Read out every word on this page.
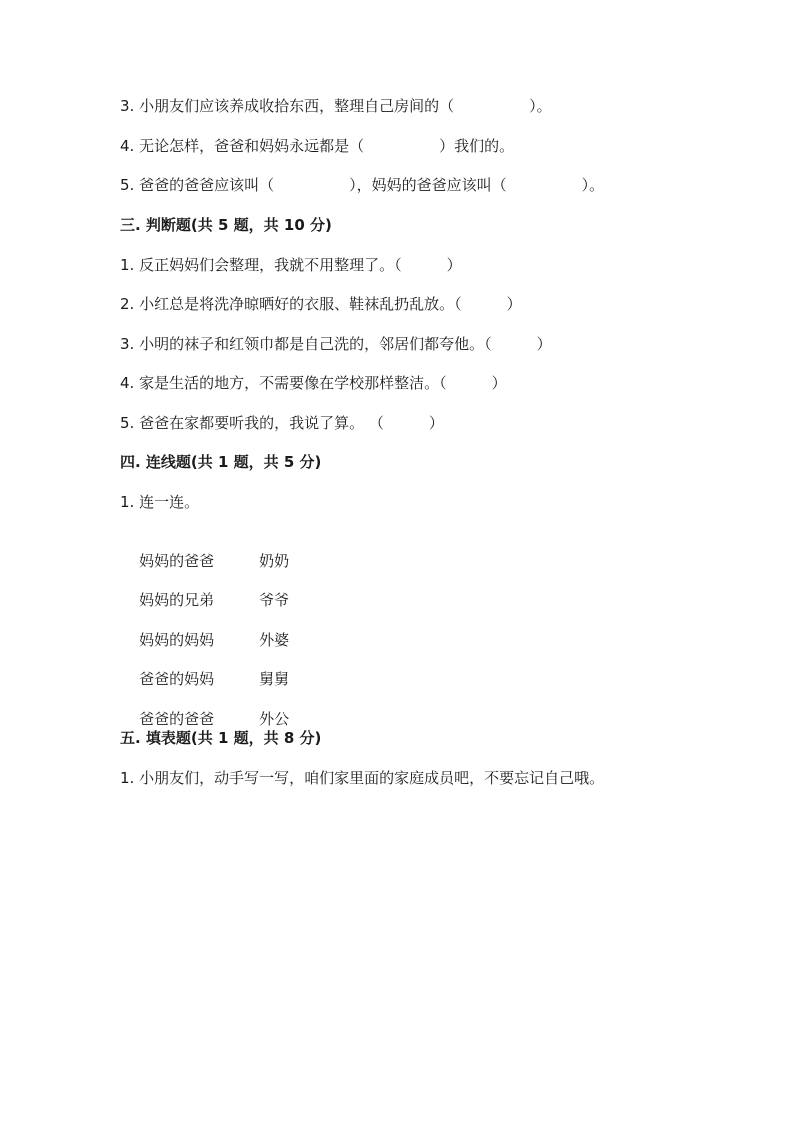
3. 小朋友们应该养成收拾东西，整理自己房间的（　　　　　）。
4. 无论怎样，爸爸和妈妈永远都是（　　　　　）我们的。
5. 爸爸的爸爸应该叫（　　　　　），妈妈的爸爸应该叫（　　　　　）。
三. 判断题(共 5 题，共 10 分)
1. 反正妈妈们会整理，我就不用整理了。（　　　）
2. 小红总是将洗净晾晒好的衣服、鞋袜乱扔乱放。（　　　）
3. 小明的袜子和红领巾都是自己洗的，邻居们都夸他。（　　　）
4. 家是生活的地方，不需要像在学校那样整洁。（　　　）
5. 爸爸在家都要听我的，我说了算。 （　　　）
四. 连线题(共 1 题，共 5 分)
1. 连一连。

妈妈的爸爸	奶奶

妈妈的兄弟	爷爷

妈妈的妈妈	外婆

爸爸的妈妈	舅舅

爸爸的爸爸	外公

五. 填表题(共 1 题，共 8 分)
1. 小朋友们，动手写一写，咱们家里面的家庭成员吧，不要忘记自己哦。
